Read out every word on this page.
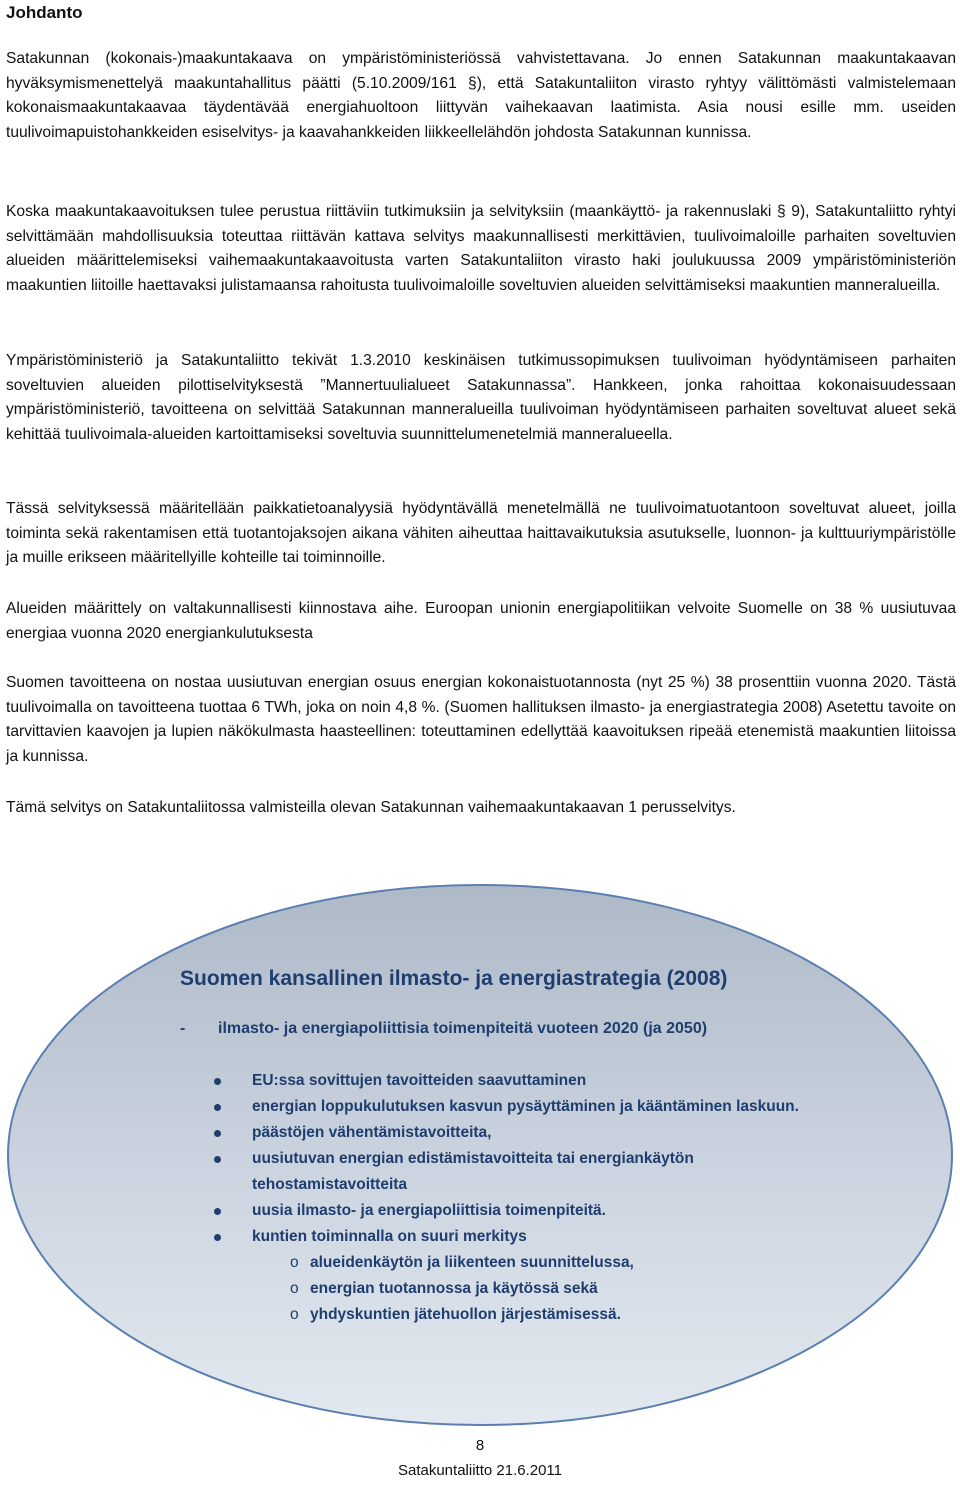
Johdanto

Satakunnan (kokonais-)maakuntakaava on ympäristöministeriössä vahvistettavana. Jo ennen Satakunnan maakuntakaavan hyväksymismenettelyä maakuntahallitus päätti (5.10.2009/161 §), että Satakuntaliiton virasto ryhtyy välittömästi valmistelemaan kokonaismaakuntakaavaa täydentävää energiahuoltoon liittyvän vaihekaavan laatimista. Asia nousi esille mm. useiden tuulivoimapuistohankkeiden esiselvitys- ja kaavahankkeiden liikkeellelähdön johdosta Satakunnan kunnissa.

Koska maakuntakaavoituksen tulee perustua riittäviin tutkimuksiin ja selvityksiin (maankäyttö- ja rakennuslaki § 9), Satakuntaliitto ryhtyi selvittämään mahdollisuuksia toteuttaa riittävän kattava selvitys maakunnallisesti merkittävien, tuulivoimaloille parhaiten soveltuvien alueiden määrittelemiseksi vaihemaakuntakaavoitusta varten Satakuntaliiton virasto haki joulukuussa 2009 ympäristöministeriön maakuntien liitoille haettavaksi julistamaansa rahoitusta tuulivoimaloille soveltuvien alueiden selvittämiseksi maakuntien manneralueilla.

Ympäristöministeriö ja Satakuntaliitto tekivät 1.3.2010 keskinäisen tutkimussopimuksen tuulivoiman hyödyntämiseen parhaiten soveltuvien alueiden pilottiselvityksestä ”Mannertuulialueet Satakunnassa”. Hankkeen, jonka rahoittaa kokonaisuudessaan ympäristöministeriö, tavoitteena on selvittää Satakunnan manneralueilla tuulivoiman hyödyntämiseen parhaiten soveltuvat alueet sekä kehittää tuulivoimala-alueiden kartoittamiseksi soveltuvia suunnittelumenetelmiä manneralueella.

Tässä selvityksessä määritellään paikkatietoanalyysiä hyödyntävällä menetelmällä ne tuulivoimatuotantoon soveltuvat alueet, joilla toiminta sekä rakentamisen että tuotantojaksojen aikana vähiten aiheuttaa haittavaikutuksia asutukselle, luonnon- ja kulttuuriympäristölle ja muille erikseen määritellyille kohteille tai toiminnoille.

Alueiden määrittely on valtakunnallisesti kiinnostava aihe. Euroopan unionin energiapolitiikan velvoite Suomelle on 38 % uusiutuvaa energiaa vuonna 2020 energiankulutuksesta

Suomen tavoitteena on nostaa uusiutuvan energian osuus energian kokonaistuotannosta (nyt 25 %) 38 prosenttiin vuonna 2020. Tästä tuulivoimalla on tavoitteena tuottaa 6 TWh, joka on noin 4,8 %. (Suomen hallituksen ilmasto- ja energiastrategia 2008) Asetettu tavoite on tarvittavien kaavojen ja lupien näkökulmasta haasteellinen: toteuttaminen edellyttää kaavoituksen ripeää etenemistä maakuntien liitoissa ja kunnissa.

Tämä selvitys on Satakuntaliitossa valmisteilla olevan Satakunnan vaihemaakuntakaavan 1 perusselvitys.

Suomen kansallinen ilmasto- ja energiastrategia (2008)

- ilmasto- ja energiapoliittisia toimenpiteitä vuoteen 2020 (ja 2050)

EU:ssa sovittujen tavoitteiden saavuttaminen
energian loppukulutuksen kasvun pysäyttäminen ja kääntäminen laskuun.
päästöjen vähentämistavoitteita,
uusiutuvan energian edistämistavoitteita tai energiankäytön tehostamistavoitteita
uusia ilmasto- ja energiapoliittisia toimenpiteitä.
kuntien toiminnalla on suuri merkitys
o alueidenkäytön ja liikenteen suunnittelussa,
o energian tuotannossa ja käytössä sekä
o yhdyskuntien jätehuollon järjestämisessä.

8

Satakuntaliitto 21.6.2011
